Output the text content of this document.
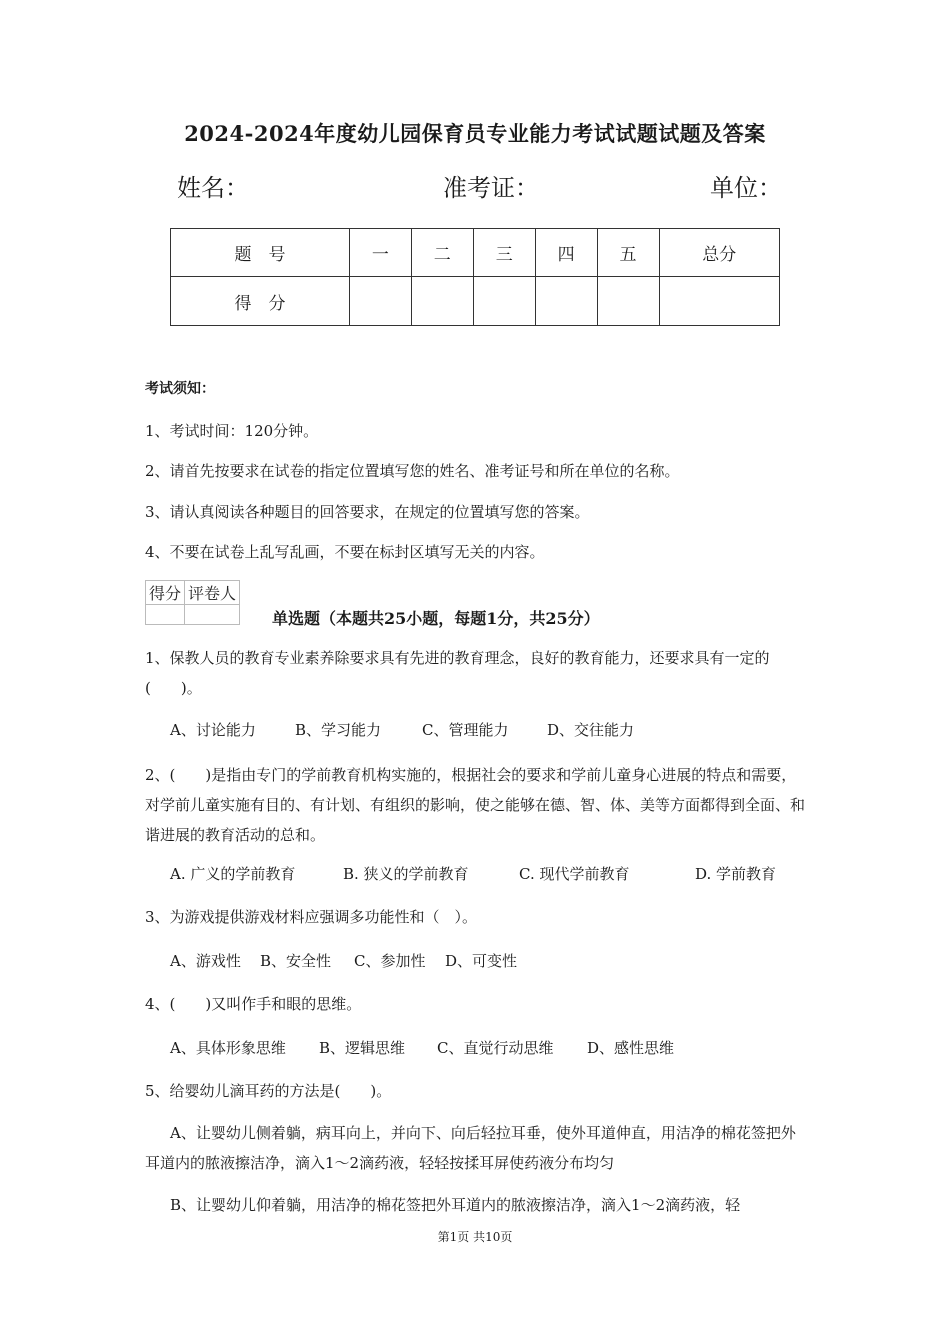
2024-2024年度幼儿园保育员专业能力考试试题试题及答案
姓名：	准考证：	单位：
题　号	一	二	三	四	五	总分
得　分						
考试须知：
1、考试时间：120分钟。
2、请首先按要求在试卷的指定位置填写您的姓名、准考证号和所在单位的名称。
3、请认真阅读各种题目的回答要求，在规定的位置填写您的答案。
4、不要在试卷上乱写乱画，不要在标封区填写无关的内容。
得分	评卷人

单选题（本题共25小题，每题1分，共25分）
1、保教人员的教育专业素养除要求具有先进的教育理念，良好的教育能力，还要求具有一定的(　　)。
A、讨论能力	B、学习能力	C、管理能力	D、交往能力
2、(　　)是指由专门的学前教育机构实施的，根据社会的要求和学前儿童身心进展的特点和需要，对学前儿童实施有目的、有计划、有组织的影响，使之能够在德、智、体、美等方面都得到全面、和谐进展的教育活动的总和。
A. 广义的学前教育	B. 狭义的学前教育	C. 现代学前教育	D. 学前教育
3、为游戏提供游戏材料应强调多功能性和（　）。
A、游戏性 B、安全性 C、参加性 D、可变性
4、(　　)又叫作手和眼的思维。
A、具体形象思维 B、逻辑思维 C、直觉行动思维 D、感性思维
5、给婴幼儿滴耳药的方法是(　　)。
A、让婴幼儿侧着躺，病耳向上，并向下、向后轻拉耳垂，使外耳道伸直，用洁净的棉花签把外耳道内的脓液擦洁净，滴入1～2滴药液，轻轻按揉耳屏使药液分布均匀
B、让婴幼儿仰着躺，用洁净的棉花签把外耳道内的脓液擦洁净，滴入1～2滴药液，轻
第1页 共10页
